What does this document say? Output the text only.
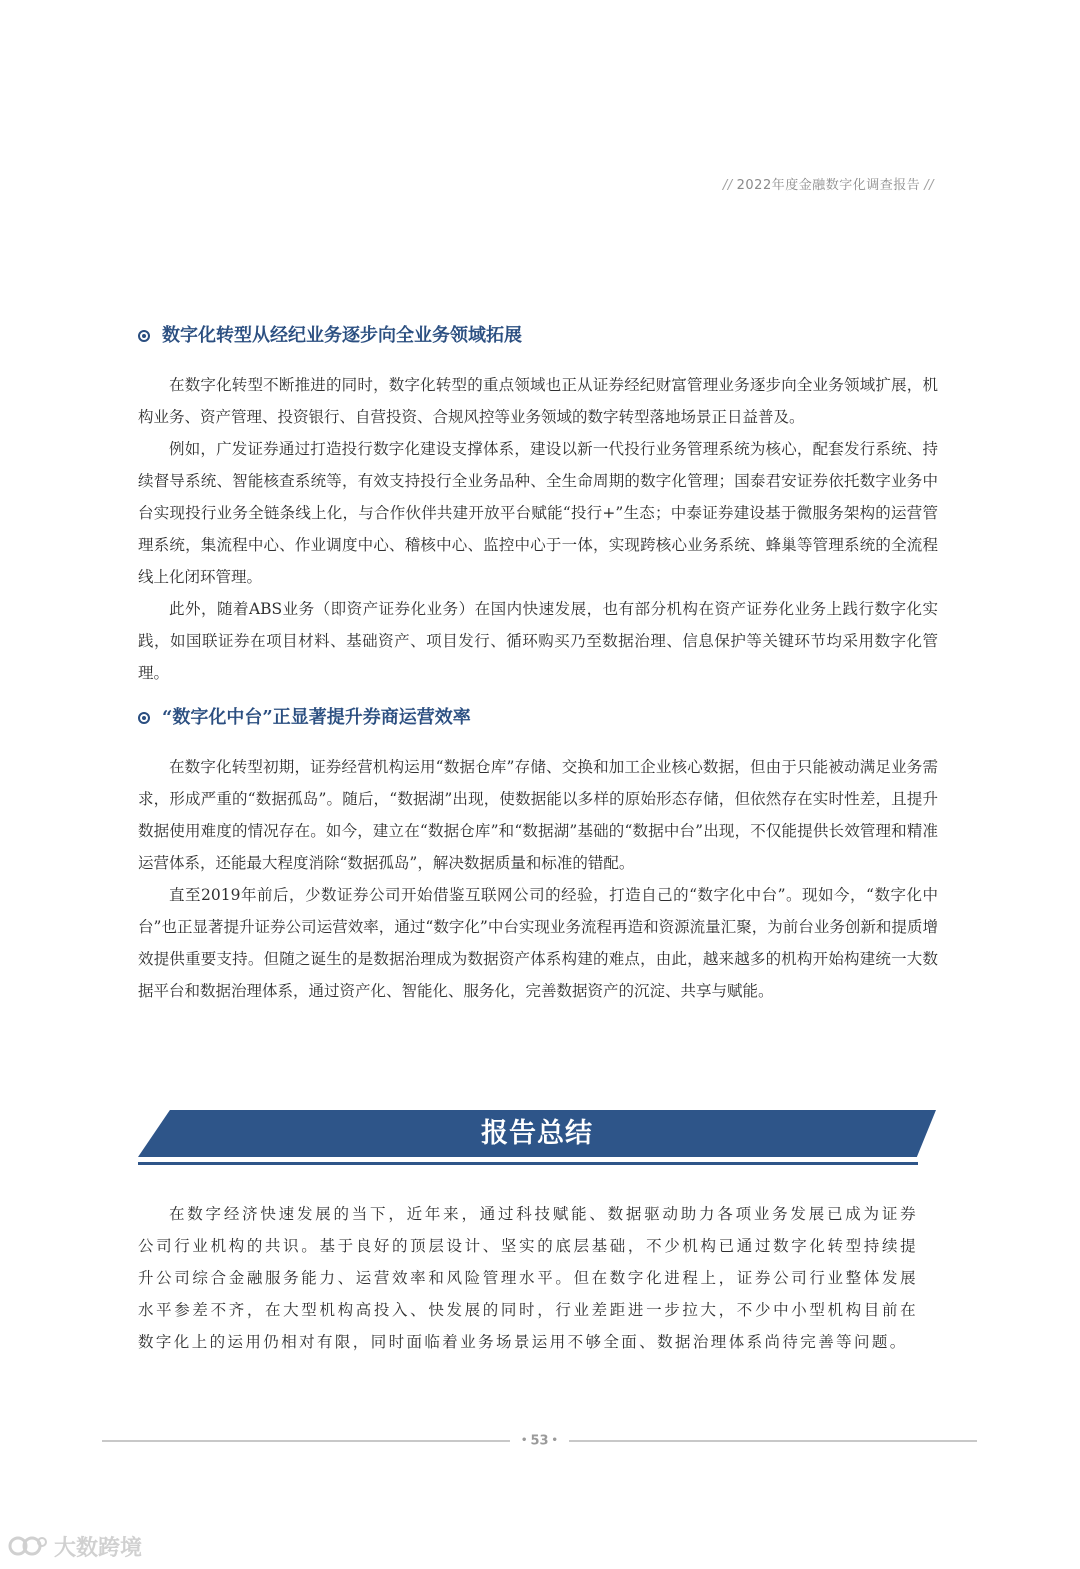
// 2022年度金融数字化调查报告 //
数字化转型从经纪业务逐步向全业务领域拓展

在数字化转型不断推进的同时，数字化转型的重点领域也正从证券经纪财富管理业务逐步向全业务领域扩展，机构业务、资产管理、投资银行、自营投资、合规风控等业务领域的数字转型落地场景正日益普及。

例如，广发证券通过打造投行数字化建设支撑体系，建设以新一代投行业务管理系统为核心，配套发行系统、持续督导系统、智能核查系统等，有效支持投行全业务品种、全生命周期的数字化管理；国泰君安证券依托数字业务中台实现投行业务全链条线上化，与合作伙伴共建开放平台赋能“投行+”生态；中泰证券建设基于微服务架构的运营管理系统，集流程中心、作业调度中心、稽核中心、监控中心于一体，实现跨核心业务系统、蜂巢等管理系统的全流程线上化闭环管理。

此外，随着ABS业务（即资产证券化业务）在国内快速发展，也有部分机构在资产证券化业务上践行数字化实践，如国联证券在项目材料、基础资产、项目发行、循环购买乃至数据治理、信息保护等关键环节均采用数字化管理。

“数字化中台”正显著提升券商运营效率

在数字化转型初期，证券经营机构运用“数据仓库”存储、交换和加工企业核心数据，但由于只能被动满足业务需求，形成严重的“数据孤岛”。随后，“数据湖”出现，使数据能以多样的原始形态存储，但依然存在实时性差，且提升数据使用难度的情况存在。如今，建立在“数据仓库”和“数据湖”基础的“数据中台”出现，不仅能提供长效管理和精准运营体系，还能最大程度消除“数据孤岛”，解决数据质量和标准的错配。

直至2019年前后，少数证券公司开始借鉴互联网公司的经验，打造自己的“数字化中台”。现如今，“数字化中台”也正显著提升证券公司运营效率，通过“数字化”中台实现业务流程再造和资源流量汇聚，为前台业务创新和提质增效提供重要支持。但随之诞生的是数据治理成为数据资产体系构建的难点，由此，越来越多的机构开始构建统一大数据平台和数据治理体系，通过资产化、智能化、服务化，完善数据资产的沉淀、共享与赋能。

报告总结

在数字经济快速发展的当下，近年来，通过科技赋能、数据驱动助力各项业务发展已成为证券公司行业机构的共识。基于良好的顶层设计、坚实的底层基础，不少机构已通过数字化转型持续提升公司综合金融服务能力、运营效率和风险管理水平。但在数字化进程上，证券公司行业整体发展水平参差不齐，在大型机构高投入、快发展的同时，行业差距进一步拉大，不少中小型机构目前在数字化上的运用仍相对有限，同时面临着业务场景运用不够全面、数据治理体系尚待完善等问题。

• 53 •
大数跨境
